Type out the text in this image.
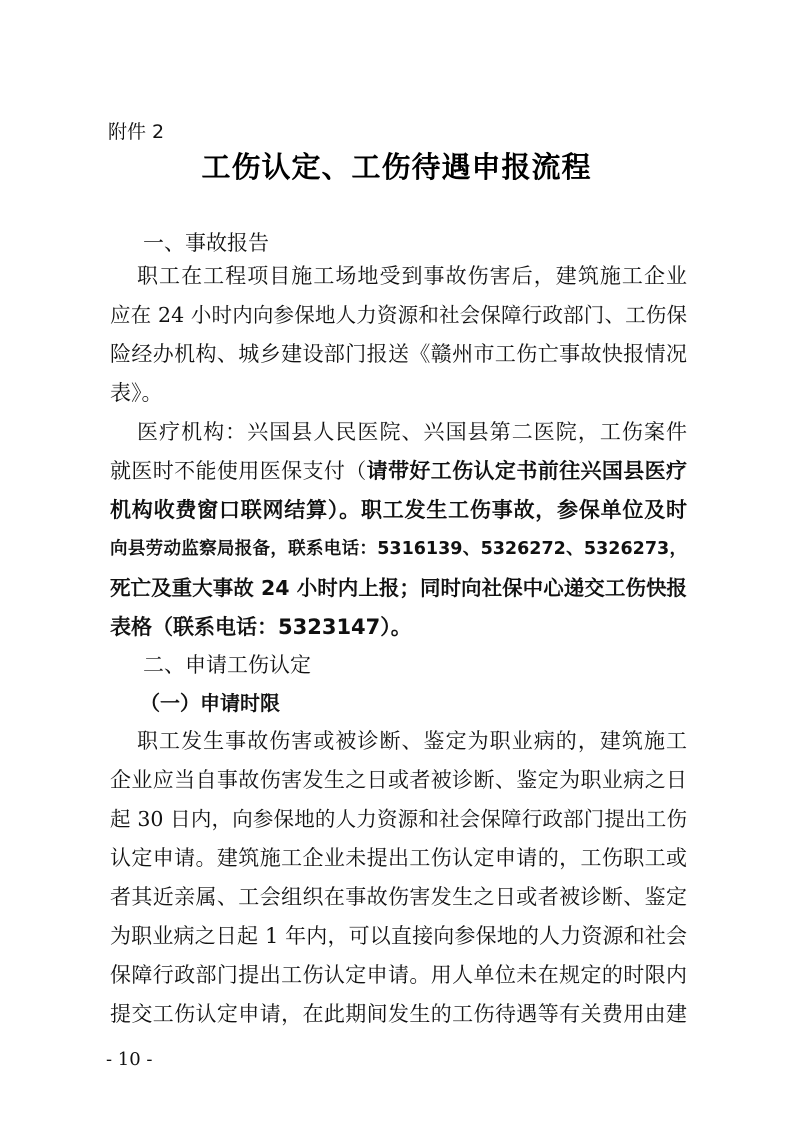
附件 2
工伤认定、工伤待遇申报流程
一、事故报告
职工在工程项目施工场地受到事故伤害后，建筑施工企业
应在 24 小时内向参保地人力资源和社会保障行政部门、工伤保
险经办机构、城乡建设部门报送《赣州市工伤亡事故快报情况
表》。
医疗机构：兴国县人民医院、兴国县第二医院，工伤案件
就医时不能使用医保支付（请带好工伤认定书前往兴国县医疗
机构收费窗口联网结算）。职工发生工伤事故，参保单位及时
向县劳动监察局报备，联系电话：5316139、5326272、5326273，
死亡及重大事故 24 小时内上报；同时向社保中心递交工伤快报
表格（联系电话：5323147）。
二、申请工伤认定
（一）申请时限
职工发生事故伤害或被诊断、鉴定为职业病的，建筑施工
企业应当自事故伤害发生之日或者被诊断、鉴定为职业病之日
起 30 日内，向参保地的人力资源和社会保障行政部门提出工伤
认定申请。建筑施工企业未提出工伤认定申请的，工伤职工或
者其近亲属、工会组织在事故伤害发生之日或者被诊断、鉴定
为职业病之日起 1 年内，可以直接向参保地的人力资源和社会
保障行政部门提出工伤认定申请。用人单位未在规定的时限内
提交工伤认定申请，在此期间发生的工伤待遇等有关费用由建
- 10 -
